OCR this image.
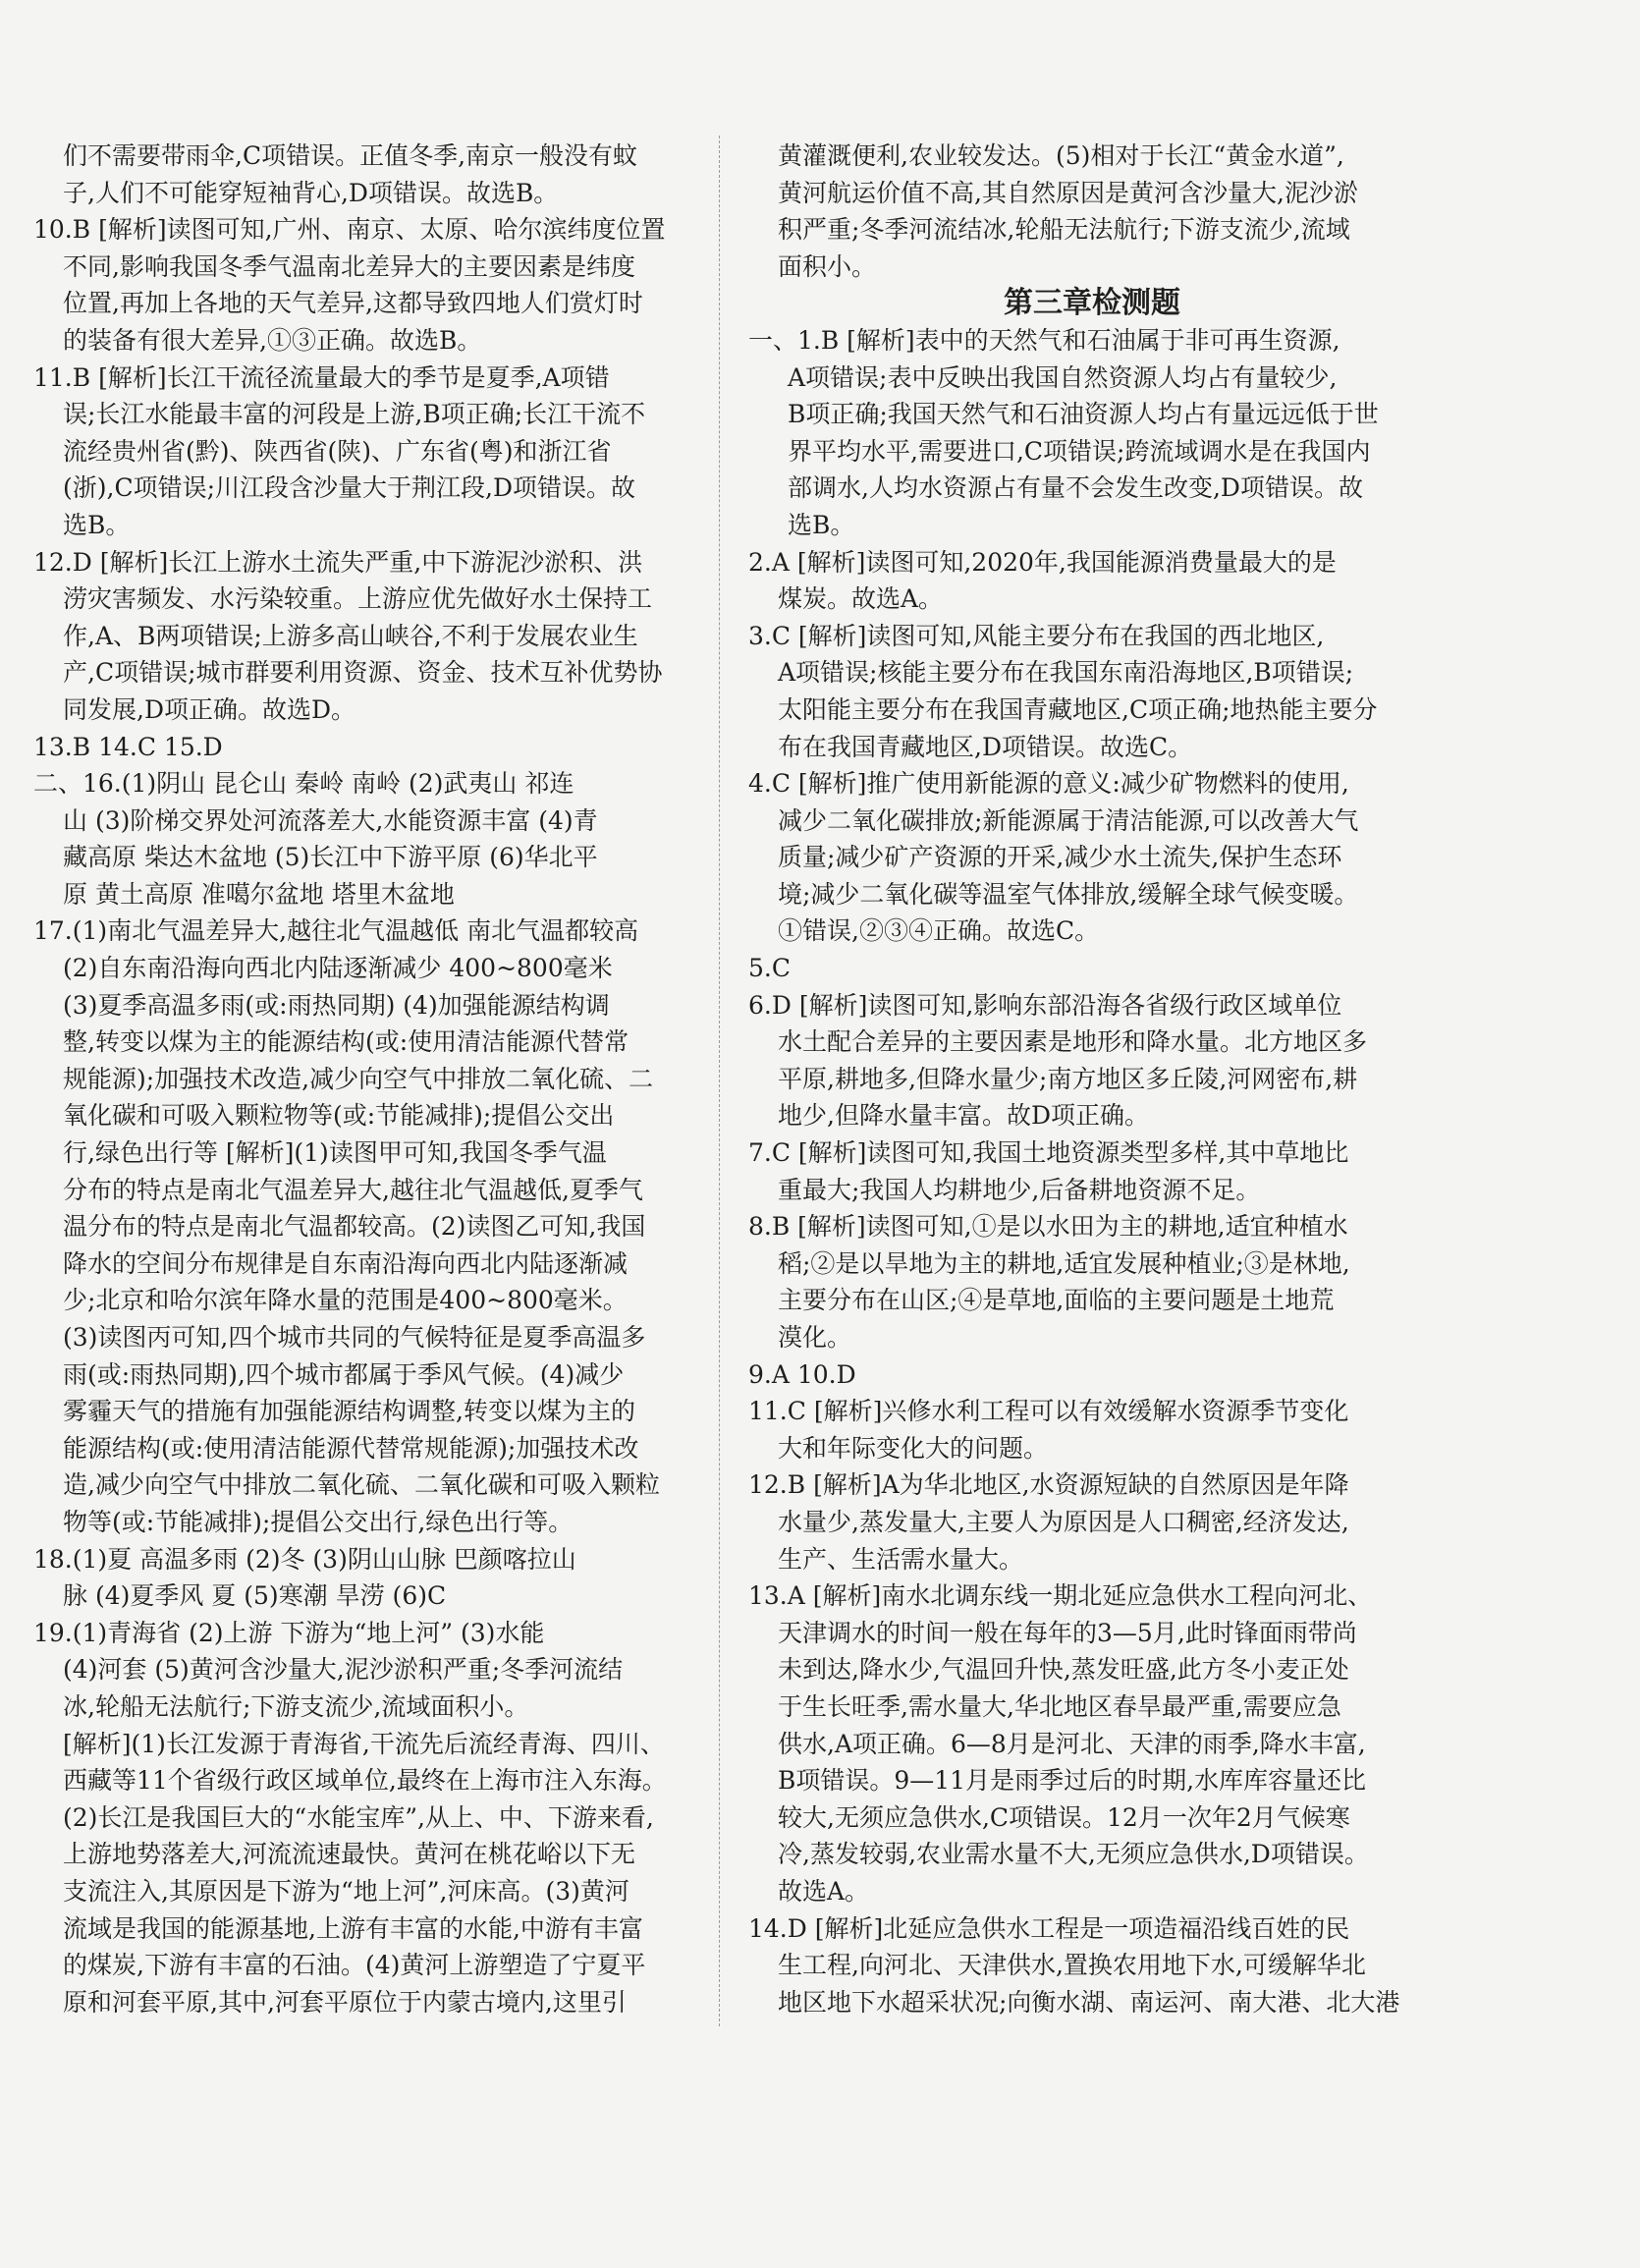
们不需要带雨伞,C项错误。正值冬季,南京一般没有蚊
子,人们不可能穿短袖背心,D项错误。故选B。
10.B [解析]读图可知,广州、南京、太原、哈尔滨纬度位置
不同,影响我国冬季气温南北差异大的主要因素是纬度
位置,再加上各地的天气差异,这都导致四地人们赏灯时
的装备有很大差异,①③正确。故选B。
11.B [解析]长江干流径流量最大的季节是夏季,A项错
误;长江水能最丰富的河段是上游,B项正确;长江干流不
流经贵州省(黔)、陕西省(陕)、广东省(粤)和浙江省
(浙),C项错误;川江段含沙量大于荆江段,D项错误。故
选B。
12.D [解析]长江上游水土流失严重,中下游泥沙淤积、洪
涝灾害频发、水污染较重。上游应优先做好水土保持工
作,A、B两项错误;上游多高山峡谷,不利于发展农业生
产,C项错误;城市群要利用资源、资金、技术互补优势协
同发展,D项正确。故选D。
13.B 14.C 15.D
二、16.(1)阴山 昆仑山 秦岭 南岭 (2)武夷山 祁连
山 (3)阶梯交界处河流落差大,水能资源丰富 (4)青
藏高原 柴达木盆地 (5)长江中下游平原 (6)华北平
原 黄土高原 准噶尔盆地 塔里木盆地
17.(1)南北气温差异大,越往北气温越低 南北气温都较高
(2)自东南沿海向西北内陆逐渐减少 400~800毫米
(3)夏季高温多雨(或:雨热同期) (4)加强能源结构调
整,转变以煤为主的能源结构(或:使用清洁能源代替常
规能源);加强技术改造,减少向空气中排放二氧化硫、二
氧化碳和可吸入颗粒物等(或:节能减排);提倡公交出
行,绿色出行等 [解析](1)读图甲可知,我国冬季气温
分布的特点是南北气温差异大,越往北气温越低,夏季气
温分布的特点是南北气温都较高。(2)读图乙可知,我国
降水的空间分布规律是自东南沿海向西北内陆逐渐减
少;北京和哈尔滨年降水量的范围是400~800毫米。
(3)读图丙可知,四个城市共同的气候特征是夏季高温多
雨(或:雨热同期),四个城市都属于季风气候。(4)减少
雾霾天气的措施有加强能源结构调整,转变以煤为主的
能源结构(或:使用清洁能源代替常规能源);加强技术改
造,减少向空气中排放二氧化硫、二氧化碳和可吸入颗粒
物等(或:节能减排);提倡公交出行,绿色出行等。
18.(1)夏 高温多雨 (2)冬 (3)阴山山脉 巴颜喀拉山
脉 (4)夏季风 夏 (5)寒潮 旱涝 (6)C
19.(1)青海省 (2)上游 下游为“地上河” (3)水能
(4)河套 (5)黄河含沙量大,泥沙淤积严重;冬季河流结
冰,轮船无法航行;下游支流少,流域面积小。
[解析](1)长江发源于青海省,干流先后流经青海、四川、
西藏等11个省级行政区域单位,最终在上海市注入东海。
(2)长江是我国巨大的“水能宝库”,从上、中、下游来看,
上游地势落差大,河流流速最快。黄河在桃花峪以下无
支流注入,其原因是下游为“地上河”,河床高。(3)黄河
流域是我国的能源基地,上游有丰富的水能,中游有丰富
的煤炭,下游有丰富的石油。(4)黄河上游塑造了宁夏平
原和河套平原,其中,河套平原位于内蒙古境内,这里引
黄灌溉便利,农业较发达。(5)相对于长江“黄金水道”,
黄河航运价值不高,其自然原因是黄河含沙量大,泥沙淤
积严重;冬季河流结冰,轮船无法航行;下游支流少,流域
面积小。
第三章检测题
一、1.B [解析]表中的天然气和石油属于非可再生资源,
A项错误;表中反映出我国自然资源人均占有量较少,
B项正确;我国天然气和石油资源人均占有量远远低于世
界平均水平,需要进口,C项错误;跨流域调水是在我国内
部调水,人均水资源占有量不会发生改变,D项错误。故
选B。
2.A [解析]读图可知,2020年,我国能源消费量最大的是
煤炭。故选A。
3.C [解析]读图可知,风能主要分布在我国的西北地区,
A项错误;核能主要分布在我国东南沿海地区,B项错误;
太阳能主要分布在我国青藏地区,C项正确;地热能主要分
布在我国青藏地区,D项错误。故选C。
4.C [解析]推广使用新能源的意义:减少矿物燃料的使用,
减少二氧化碳排放;新能源属于清洁能源,可以改善大气
质量;减少矿产资源的开采,减少水土流失,保护生态环
境;减少二氧化碳等温室气体排放,缓解全球气候变暖。
①错误,②③④正确。故选C。
5.C
6.D [解析]读图可知,影响东部沿海各省级行政区域单位
水土配合差异的主要因素是地形和降水量。北方地区多
平原,耕地多,但降水量少;南方地区多丘陵,河网密布,耕
地少,但降水量丰富。故D项正确。
7.C [解析]读图可知,我国土地资源类型多样,其中草地比
重最大;我国人均耕地少,后备耕地资源不足。
8.B [解析]读图可知,①是以水田为主的耕地,适宜种植水
稻;②是以旱地为主的耕地,适宜发展种植业;③是林地,
主要分布在山区;④是草地,面临的主要问题是土地荒
漠化。
9.A 10.D
11.C [解析]兴修水利工程可以有效缓解水资源季节变化
大和年际变化大的问题。
12.B [解析]A为华北地区,水资源短缺的自然原因是年降
水量少,蒸发量大,主要人为原因是人口稠密,经济发达,
生产、生活需水量大。
13.A [解析]南水北调东线一期北延应急供水工程向河北、
天津调水的时间一般在每年的3—5月,此时锋面雨带尚
未到达,降水少,气温回升快,蒸发旺盛,此方冬小麦正处
于生长旺季,需水量大,华北地区春旱最严重,需要应急
供水,A项正确。6—8月是河北、天津的雨季,降水丰富,
B项错误。9—11月是雨季过后的时期,水库库容量还比
较大,无须应急供水,C项错误。12月一次年2月气候寒
冷,蒸发较弱,农业需水量不大,无须应急供水,D项错误。
故选A。
14.D [解析]北延应急供水工程是一项造福沿线百姓的民
生工程,向河北、天津供水,置换农用地下水,可缓解华北
地区地下水超采状况;向衡水湖、南运河、南大港、北大港
